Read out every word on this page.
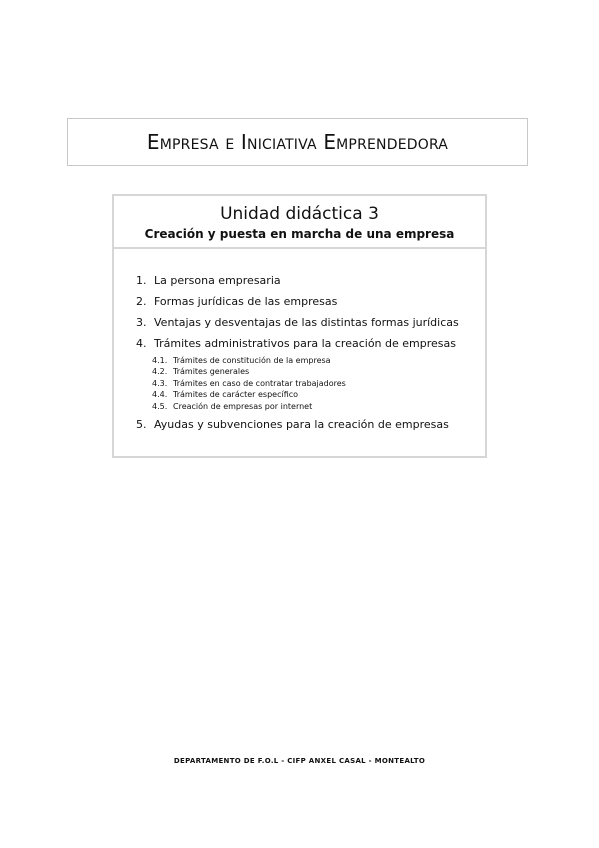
Empresa e Iniciativa Emprendedora
Unidad didáctica 3
Creación y puesta en marcha de una empresa
1. La persona empresaria
2. Formas jurídicas de las empresas
3. Ventajas y desventajas de las distintas formas jurídicas
4. Trámites administrativos para la creación de empresas
4.1. Trámites de constitución de la empresa
4.2. Trámites generales
4.3. Trámites en caso de contratar trabajadores
4.4. Trámites de carácter específico
4.5. Creación de empresas por internet
5. Ayudas y subvenciones para la creación de empresas
DEPARTAMENTO DE F.O.L - CIFP ANXEL CASAL - MONTEALTO
